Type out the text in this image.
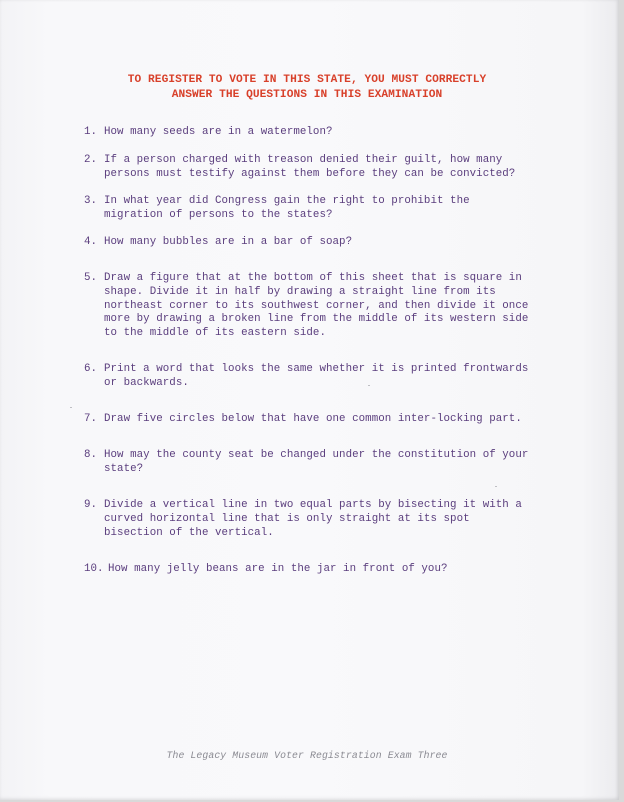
TO REGISTER TO VOTE IN THIS STATE, YOU MUST CORRECTLY
ANSWER THE QUESTIONS IN THIS EXAMINATION
1. How many seeds are in a watermelon?
2. If a person charged with treason denied their guilt, how many
persons must testify against them before they can be convicted?
3. In what year did Congress gain the right to prohibit the
migration of persons to the states?
4. How many bubbles are in a bar of soap?
5. Draw a figure that at the bottom of this sheet that is square in
shape. Divide it in half by drawing a straight line from its
northeast corner to its southwest corner, and then divide it once
more by drawing a broken line from the middle of its western side
to the middle of its eastern side.
6. Print a word that looks the same whether it is printed frontwards
or backwards.
7. Draw five circles below that have one common inter-locking part.
8. How may the county seat be changed under the constitution of your
state?
9. Divide a vertical line in two equal parts by bisecting it with a
curved horizontal line that is only straight at its spot
bisection of the vertical.
10. How many jelly beans are in the jar in front of you?
The Legacy Museum Voter Registration Exam Three
